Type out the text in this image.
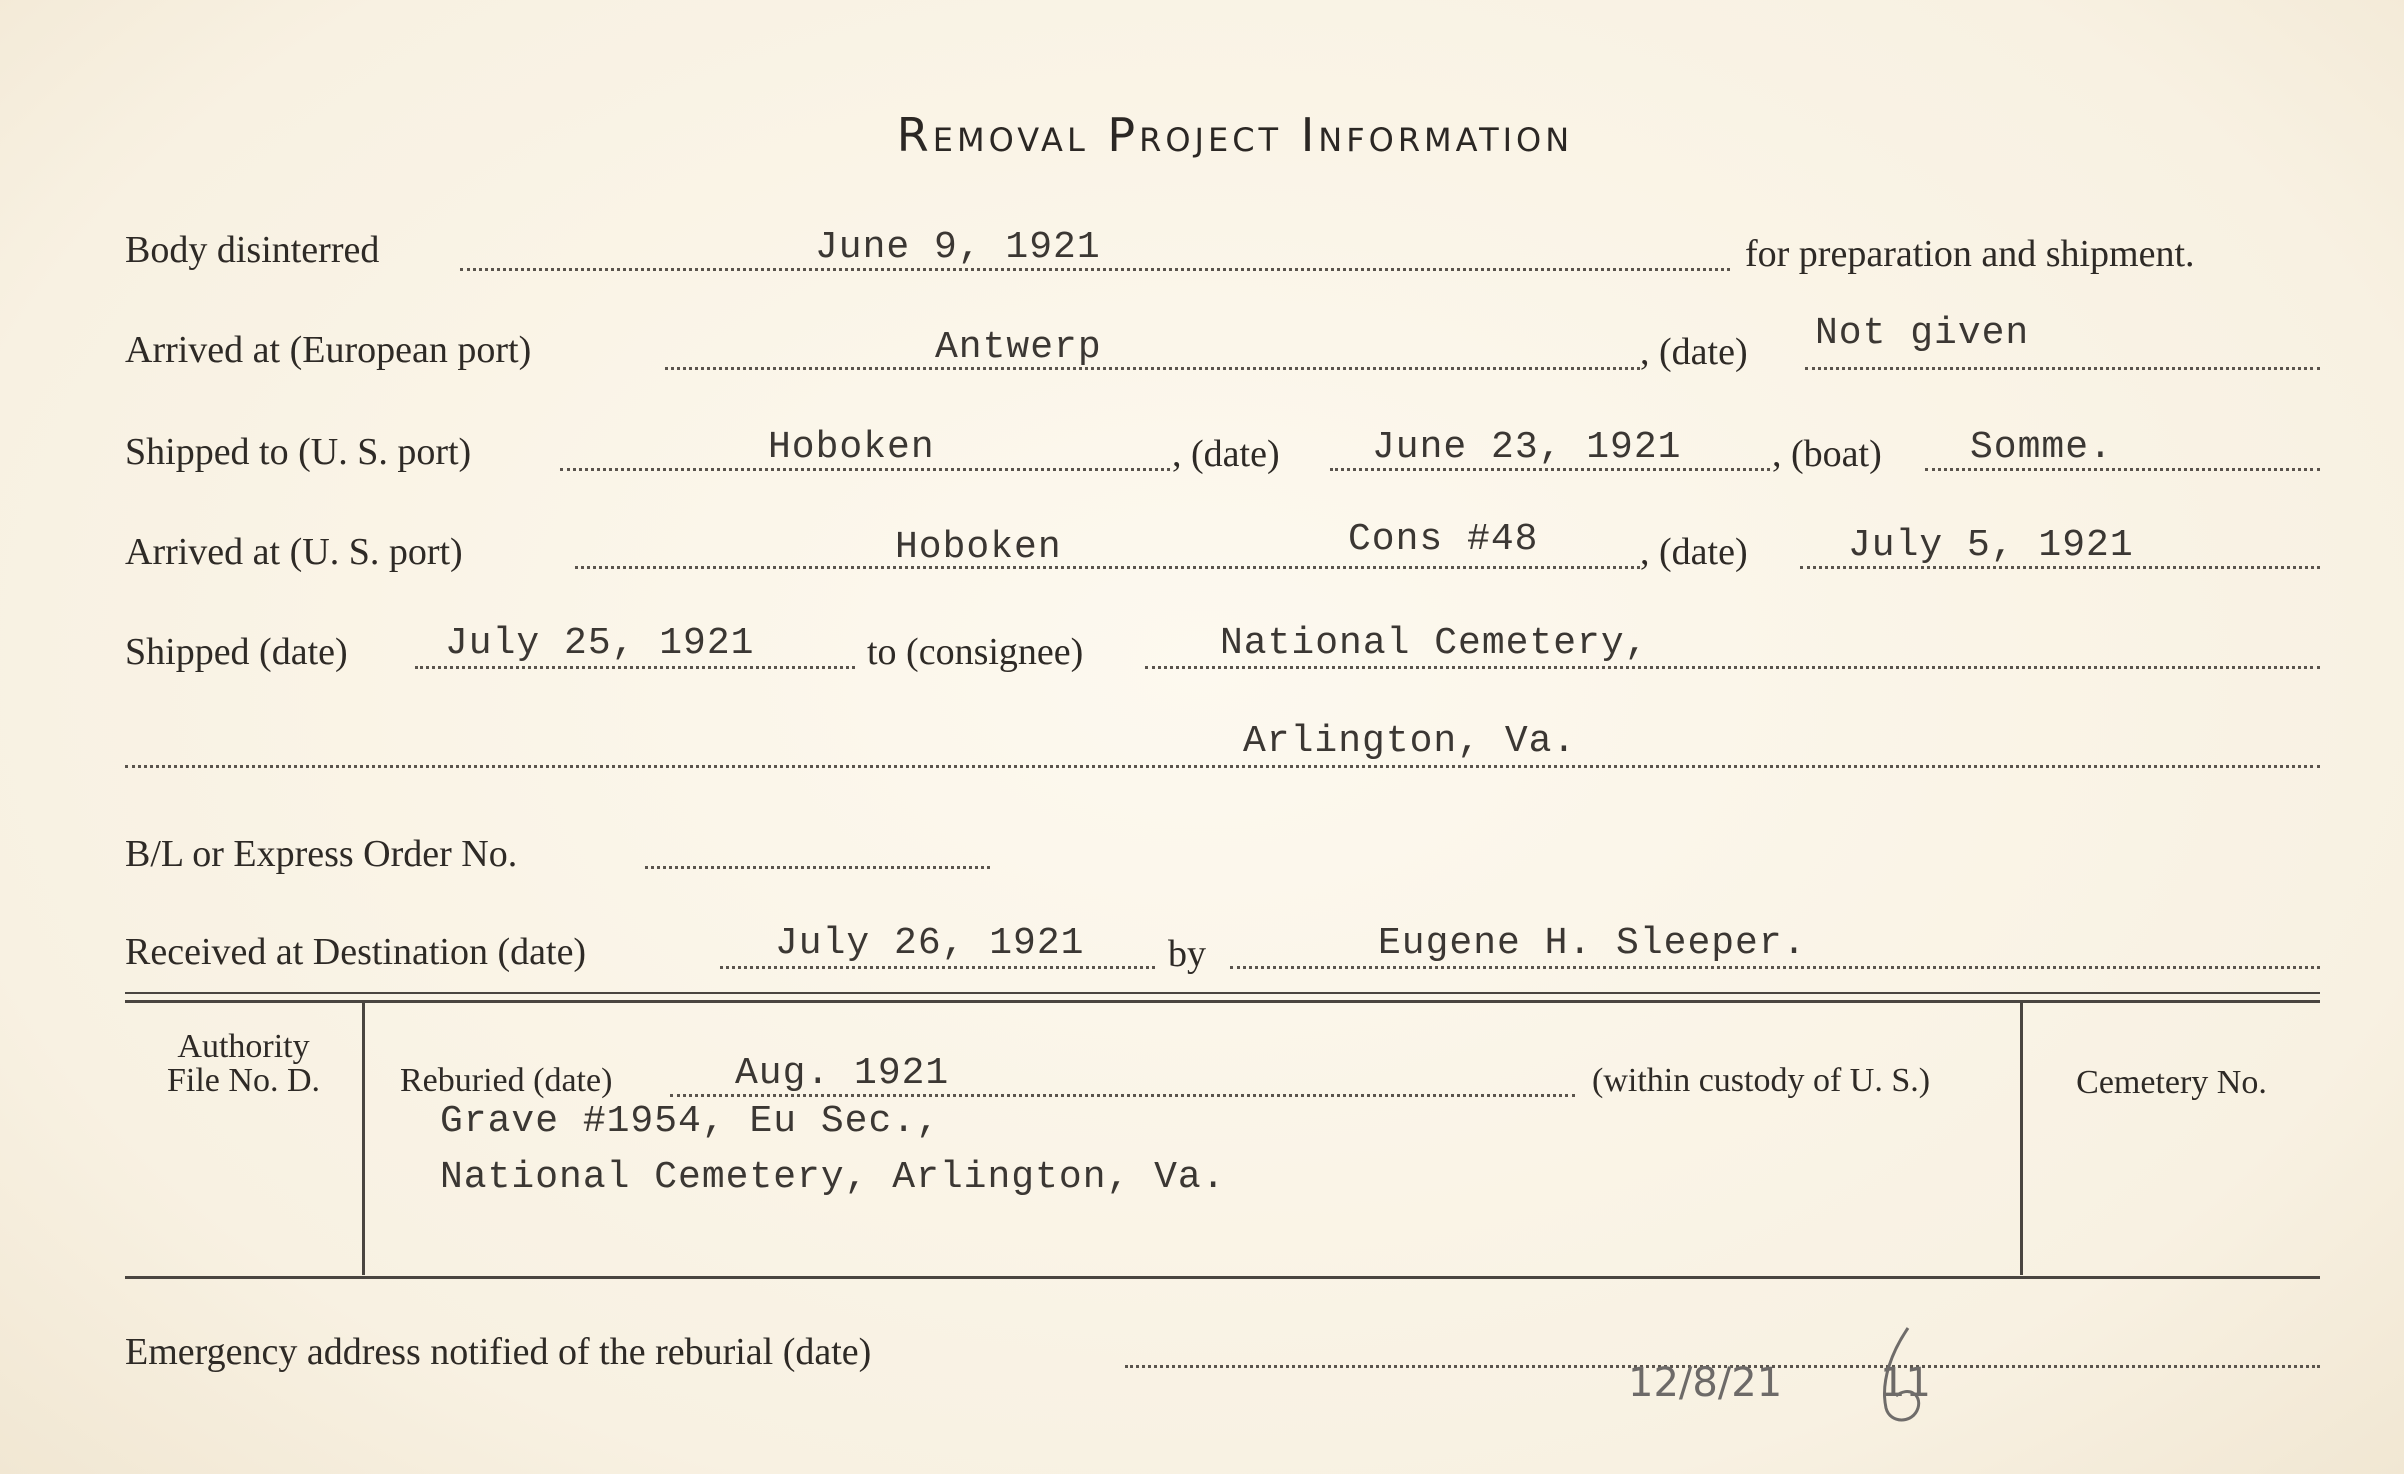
Removal Project Information
Body disinterred	June 9, 1921	for preparation and shipment.
Arrived at (European port)	Antwerp	, (date) Not given
Shipped to (U. S. port)	Hoboken	, (date) June 23, 1921 , (boat) Somme.
Arrived at (U. S. port)	Hoboken	Cons #48	, (date)	July 5, 1921
Shipped (date)	July 25, 1921	to (consignee)	National Cemetery,
Arlington, Va.
B/L or Express Order No.
Received at Destination (date)	July 26, 1921 by	Eugene H. Sleeper.
Authority
File No. D.	Reburied (date)	Aug. 1921	(within custody of U. S.)
Grave #1954, Eu Sec.,
National Cemetery, Arlington, Va.
Cemetery No.
Emergency address notified of the reburial (date)
12/8/21 11
